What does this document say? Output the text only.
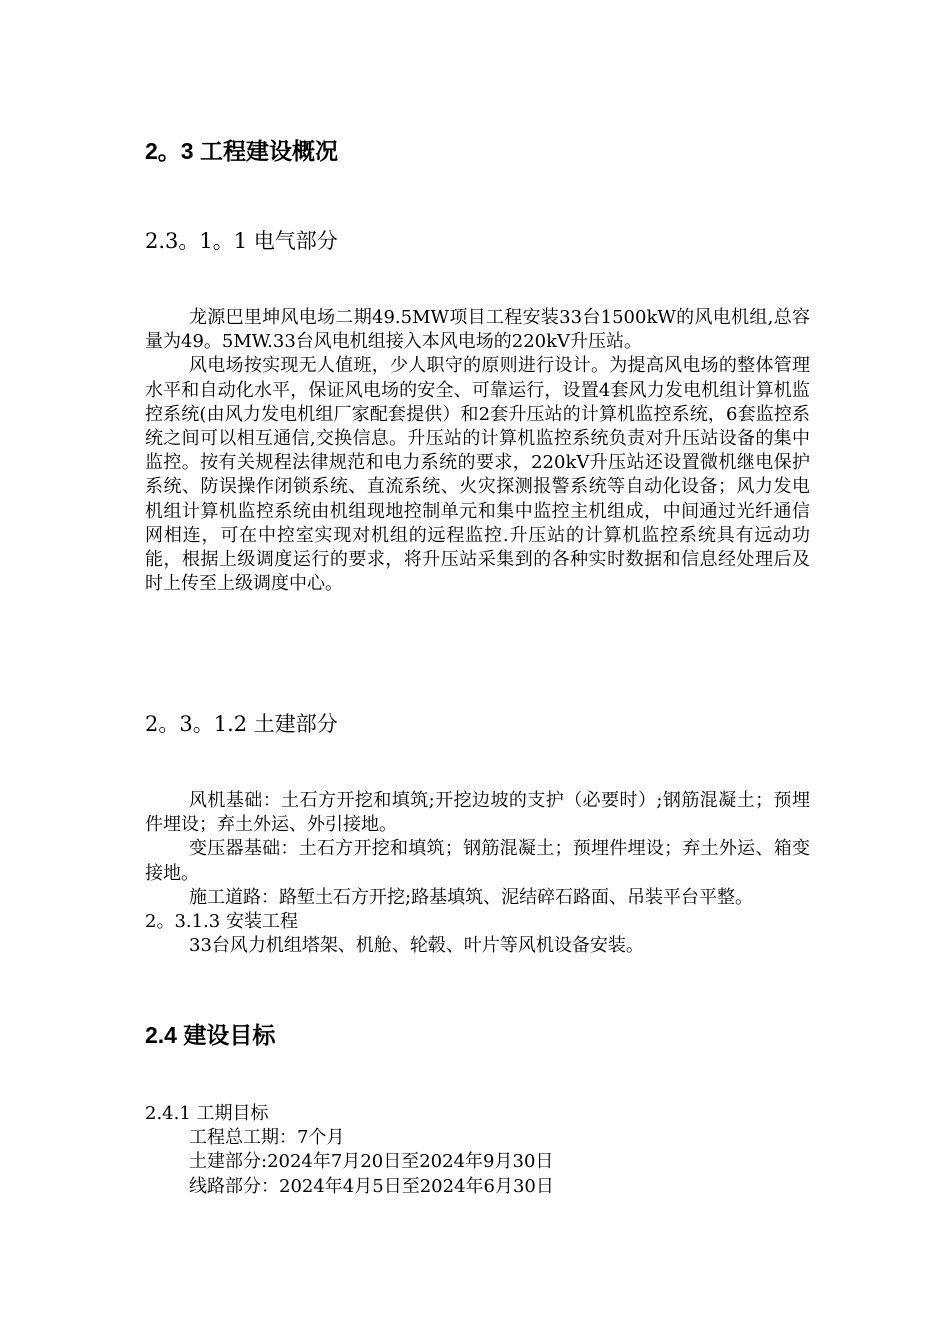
2。3 工程建设概况
2.3。1。1 电气部分

龙源巴里坤风电场二期49.5MW项目工程安装33台1500kW的风电机组,总容量为49。5MW.33台风电机组接入本风电场的220kV升压站。

风电场按实现无人值班，少人职守的原则进行设计。为提高风电场的整体管理水平和自动化水平，保证风电场的安全、可靠运行，设置4套风力发电机组计算机监控系统(由风力发电机组厂家配套提供）和2套升压站的计算机监控系统，6套监控系统之间可以相互通信,交换信息。升压站的计算机监控系统负责对升压站设备的集中监控。按有关规程法律规范和电力系统的要求，220kV升压站还设置微机继电保护系统、防误操作闭锁系统、直流系统、火灾探测报警系统等自动化设备；风力发电机组计算机监控系统由机组现地控制单元和集中监控主机组成，中间通过光纤通信网相连，可在中控室实现对机组的远程监控.升压站的计算机监控系统具有远动功能，根据上级调度运行的要求，将升压站采集到的各种实时数据和信息经处理后及时上传至上级调度中心。

2。3。1.2 土建部分

风机基础：土石方开挖和填筑;开挖边坡的支护（必要时）;钢筋混凝土；预埋件埋设；弃土外运、外引接地。

变压器基础：土石方开挖和填筑；钢筋混凝土；预埋件埋设；弃土外运、箱变接地。

施工道路：路堑土石方开挖;路基填筑、泥结碎石路面、吊装平台平整。

2。3.1.3 安装工程

33台风力机组塔架、机舱、轮毂、叶片等风机设备安装。

2.4 建设目标

2.4.1 工期目标

工程总工期：7个月

土建部分:2024年7月20日至2024年9月30日

线路部分：2024年4月5日至2024年6月30日
